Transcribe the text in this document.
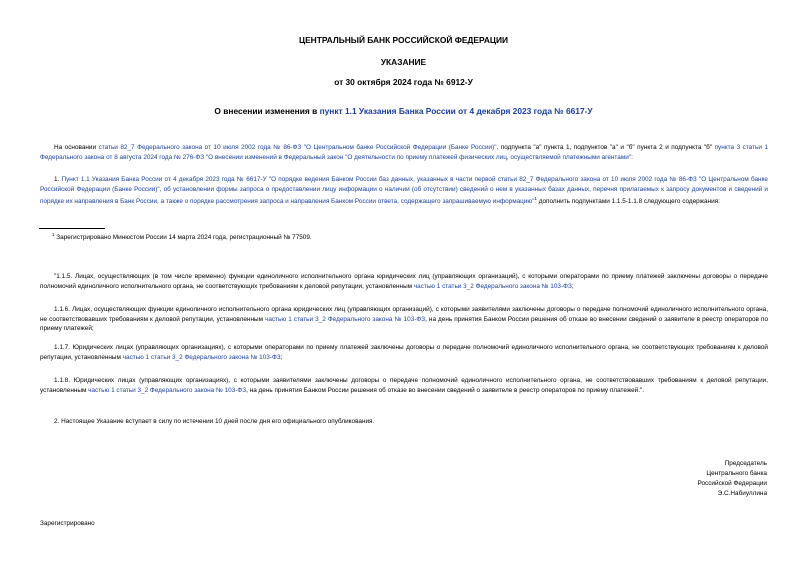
ЦЕНТРАЛЬНЫЙ БАНК РОССИЙСКОЙ ФЕДЕРАЦИИ
УКАЗАНИЕ
от 30 октября 2024 года № 6912-У
О внесении изменения в пункт 1.1 Указания Банка России от 4 декабря 2023 года № 6617-У

На основании статьи 82_7 Федерального закона от 10 июля 2002 года № 86-ФЗ "О Центральном банке Российской Федерации (Банке России)", подпункта "а" пункта 1, подпунктов "а" и "б" пункта 2 и подпункта "б" пункта 3 статьи 1 Федерального закона от 8 августа 2024 года № 276-ФЗ "О внесении изменений в Федеральный закон "О деятельности по приему платежей физических лиц, осуществляемой платежными агентами":

1. Пункт 1.1 Указания Банка России от 4 декабря 2023 года № 6617-У "О порядке ведения Банком России баз данных, указанных в части первой статьи 82_7 Федерального закона от 10 июля 2002 года № 86-ФЗ "О Центральном банке Российской Федерации (Банке России)", об установлении формы запроса о предоставлении лицу информации о наличии (об отсутствии) сведений о нем в указанных базах данных, перечня прилагаемых к запросу документов и сведений и порядке их направления в Банк России, а также о порядке рассмотрения запроса и направления Банком России ответа, содержащего запрашиваемую информацию"$^1$ дополнить подпунктами 1.1.5-1.1.8 следующего содержания:

$^1$ Зарегистрировано Минюстом России 14 марта 2024 года, регистрационный № 77509.

"1.1.5. Лицах, осуществляющих (в том числе временно) функции единоличного исполнительного органа юридических лиц (управляющих организаций), с которыми операторами по приему платежей заключены договоры о передаче полномочий единоличного исполнительного органа, не соответствующих требованиям к деловой репутации, установленным частью 1 статьи 3_2 Федерального закона № 103-ФЗ;

1.1.6. Лицах, осуществляющих функции единоличного исполнительного органа юридических лиц (управляющих организаций), с которыми заявителями заключены договоры о передаче полномочий единоличного исполнительного органа, не соответствовавших требованиям к деловой репутации, установленным частью 1 статьи 3_2 Федерального закона № 103-ФЗ, на день принятия Банком России решения об отказе во внесении сведений о заявителе в реестр операторов по приему платежей;

1.1.7. Юридических лицах (управляющих организациях), с которыми операторами по приему платежей заключены договоры о передаче полномочий единоличного исполнительного органа, не соответствующих требованиям к деловой репутации, установленным частью 1 статьи 3_2 Федерального закона № 103-ФЗ;

1.1.8. Юридических лицах (управляющих организациях), с которыми заявителями заключены договоры о передаче полномочий единоличного исполнительного органа, не соответствовавших требованиям к деловой репутации, установленным частью 1 статьи 3_2 Федерального закона № 103-ФЗ, на день принятия Банком России решения об отказе во внесении сведений о заявителе в реестр операторов по приему платежей.".

2. Настоящее Указание вступает в силу по истечении 10 дней после дня его официального опубликования.

Председатель
Центрального банка
Российской Федерации
Э.С.Набиуллина
Зарегистрировано
